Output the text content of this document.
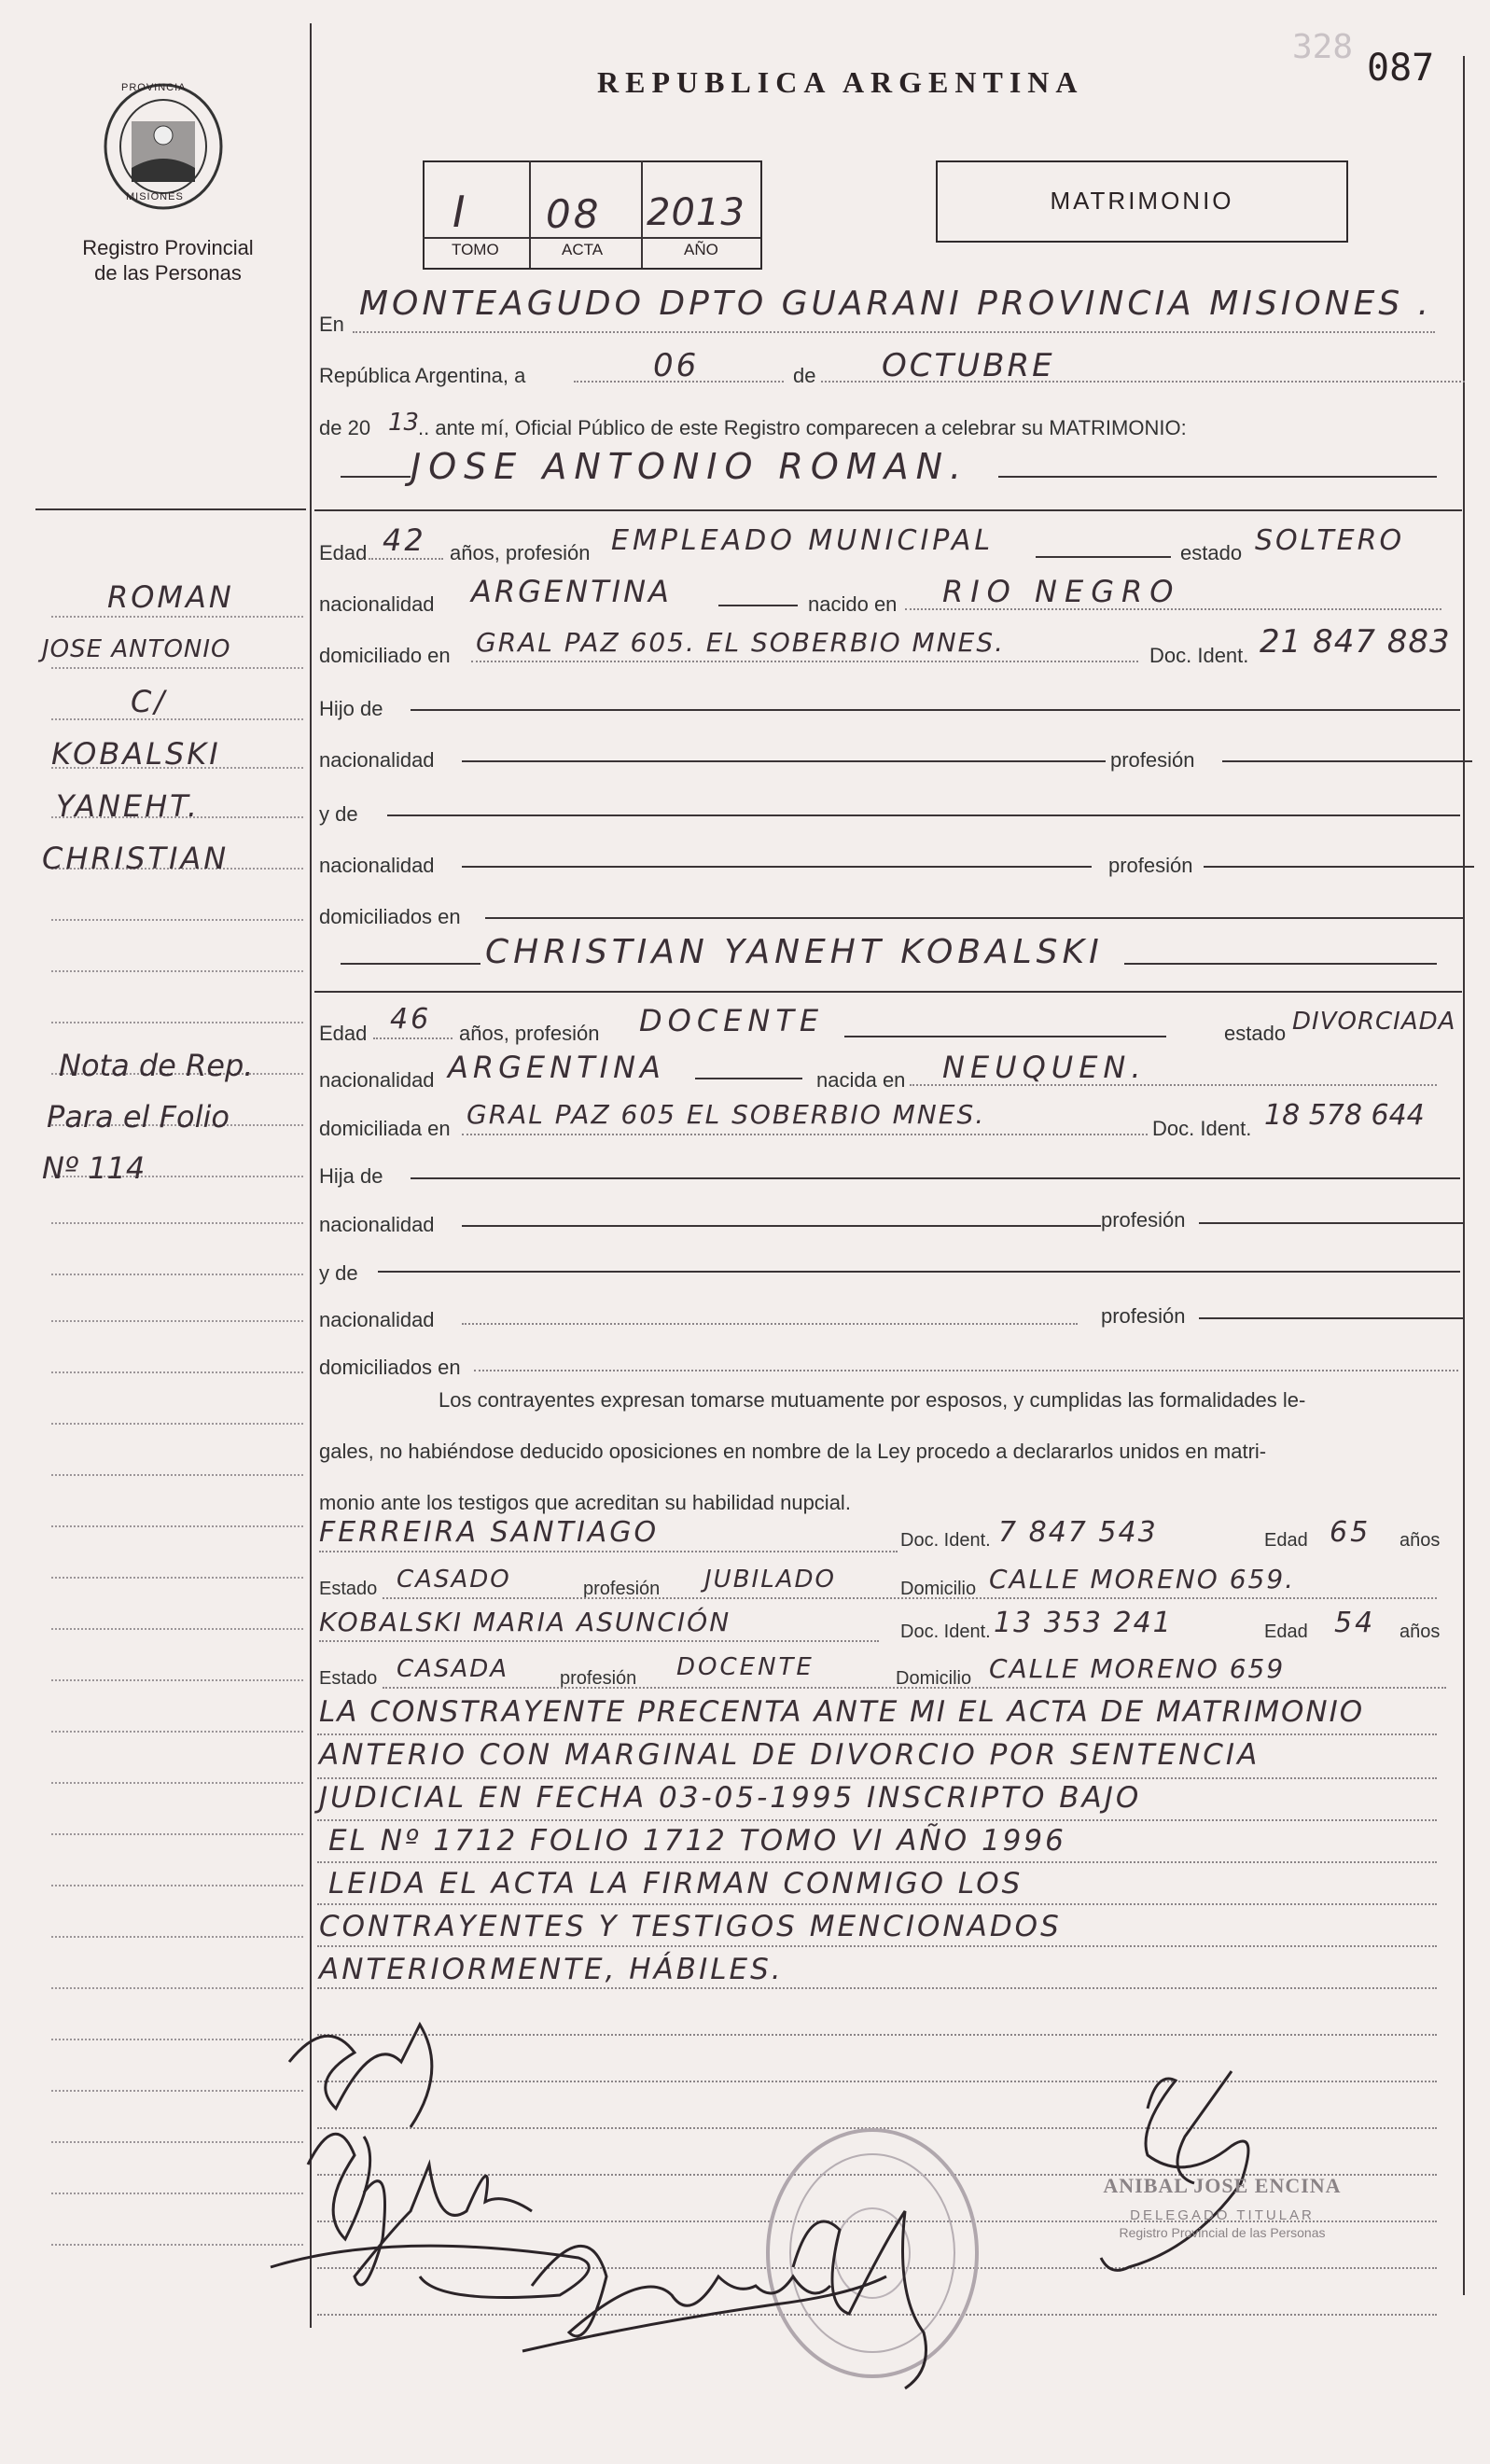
328 087
PROVINCIA
MISIONES
Registro Provincial
de las Personas
REPUBLICA ARGENTINA
I 08 2013
TOMO	ACTA	AÑO
MATRIMONIO
ROMAN
JOSE ANTONIO
C/
KOBALSKI
YANEHT.
CHRISTIAN
Nota de Rep.
Para el Folio
Nº 114
En
MONTEAGUDO DPTO GUARANI PROVINCIA MISIONES .
República Argentina, a	06	de OCTUBRE
de 20 13
.. ante mí, Oficial Público de este Registro comparecen a celebrar su MATRIMONIO:
JOSE ANTONIO ROMAN.
Edad 42 años, profesión EMPLEADO MUNICIPAL	estado SOLTERO
nacionalidad ARGENTINA	nacido en RIO NEGRO
domiciliado en GRAL PAZ 605. EL SOBERBIO MNES.	Doc. Ident. 21 847 883
Hijo de
nacionalidad	profesión
y de
nacionalidad	profesión
domiciliados en
CHRISTIAN YANEHT KOBALSKI
Edad 46 años, profesión DOCENTE	estado DIVORCIADA
nacionalidad ARGENTINA	nacida en NEUQUEN.
domiciliada en GRAL PAZ 605 EL SOBERBIO MNES.	Doc. Ident. 18 578 644
Hija de
nacionalidad	profesión
y de
nacionalidad	profesión
domiciliados en
Los contrayentes expresan tomarse mutuamente por esposos, y cumplidas las formalidades le-
gales, no habiéndose deducido oposiciones en nombre de la Ley procedo a declararlos unidos en matri-
monio ante los testigos que acreditan su habilidad nupcial.
FERREIRA SANTIAGO	Doc. Ident. 7 847 543	Edad 65 años
Estado CASADO	profesión JUBILADO	Domicilio CALLE MORENO 659.
KOBALSKI MARIA ASUNCIÓN	Doc. Ident. 13 353 241	Edad 54 años
Estado CASADA	profesión DOCENTE	Domicilio CALLE MORENO 659
LA CONSTRAYENTE PRECENTA ANTE MI EL ACTA DE MATRIMONIO
ANTERIO CON MARGINAL DE DIVORCIO POR SENTENCIA
JUDICIAL EN FECHA 03-05-1995 INSCRIPTO BAJO
EL Nº 1712 FOLIO 1712 TOMO VI AÑO 1996
LEIDA EL ACTA LA FIRMAN CONMIGO LOS
CONTRAYENTES Y TESTIGOS MENCIONADOS
ANTERIORMENTE, HÁBILES.
ANIBAL JOSE ENCINA
DELEGADO TITULAR
Registro Provincial de las Personas
